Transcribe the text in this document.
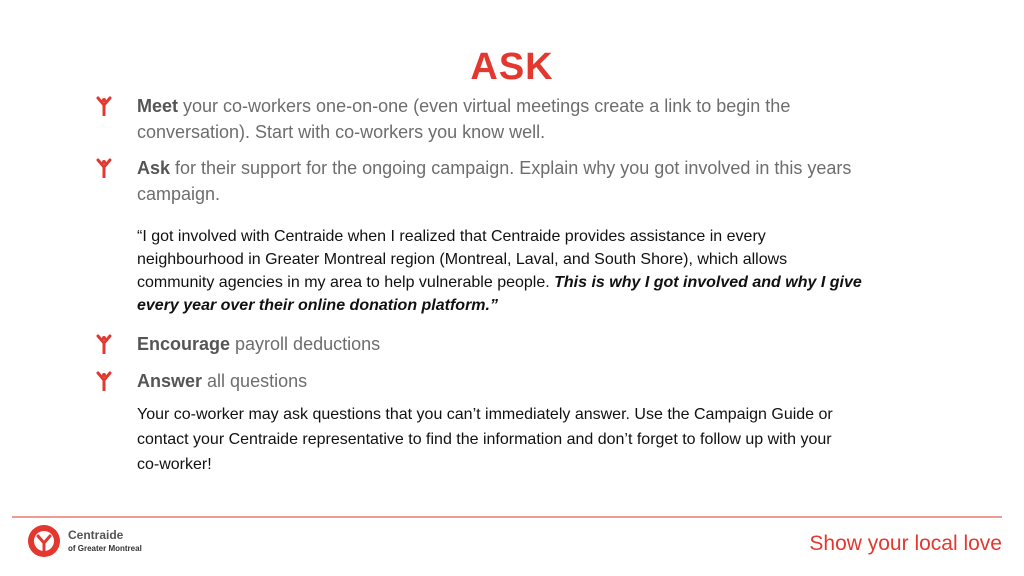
ASK
Meet your co-workers one-on-one (even virtual meetings create a link to begin the
conversation). Start with co-workers you know well.
Ask for their support for the ongoing campaign. Explain why you got involved in this years
campaign.
“I got involved with Centraide when I realized that Centraide provides assistance in every
neighbourhood in Greater Montreal region (Montreal, Laval, and South Shore), which allows
community agencies in my area to help vulnerable people. This is why I got involved and why I give
every year over their online donation platform.”
Encourage payroll deductions
Answer all questions
Your co-worker may ask questions that you can’t immediately answer. Use the Campaign Guide or
contact your Centraide representative to find the information and don’t forget to follow up with your
co-worker!
Centraide
of Greater Montreal	Show your local love
